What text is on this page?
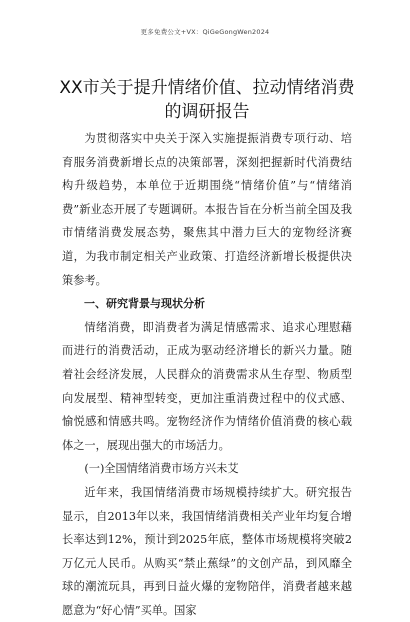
更多免费公文+VX：QiGeGongWen2024
XX市关于提升情绪价值、拉动情绪消费的调研报告

为贯彻落实中央关于深入实施提振消费专项行动、培育服务消费新增长点的决策部署，深刻把握新时代消费结构升级趋势，本单位于近期围绕“情绪价值”与“情绪消费”新业态开展了专题调研。本报告旨在分析当前全国及我市情绪消费发展态势，聚焦其中潜力巨大的宠物经济赛道，为我市制定相关产业政策、打造经济新增长极提供决策参考。

一、研究背景与现状分析

情绪消费，即消费者为满足情感需求、追求心理慰藉而进行的消费活动，正成为驱动经济增长的新兴力量。随着社会经济发展，人民群众的消费需求从生存型、物质型向发展型、精神型转变，更加注重消费过程中的仪式感、愉悦感和情感共鸣。宠物经济作为情绪价值消费的核心载体之一，展现出强大的市场活力。

(一)全国情绪消费市场方兴未艾

近年来，我国情绪消费市场规模持续扩大。研究报告显示，自2013年以来，我国情绪消费相关产业年均复合增长率达到12%，预计到2025年底，整体市场规模将突破2万亿元人民币。从购买“禁止蕉绿”的文创产品，到风靡全球的潮流玩具，再到日益火爆的宠物陪伴，消费者越来越愿意为“好心情”买单。国家
